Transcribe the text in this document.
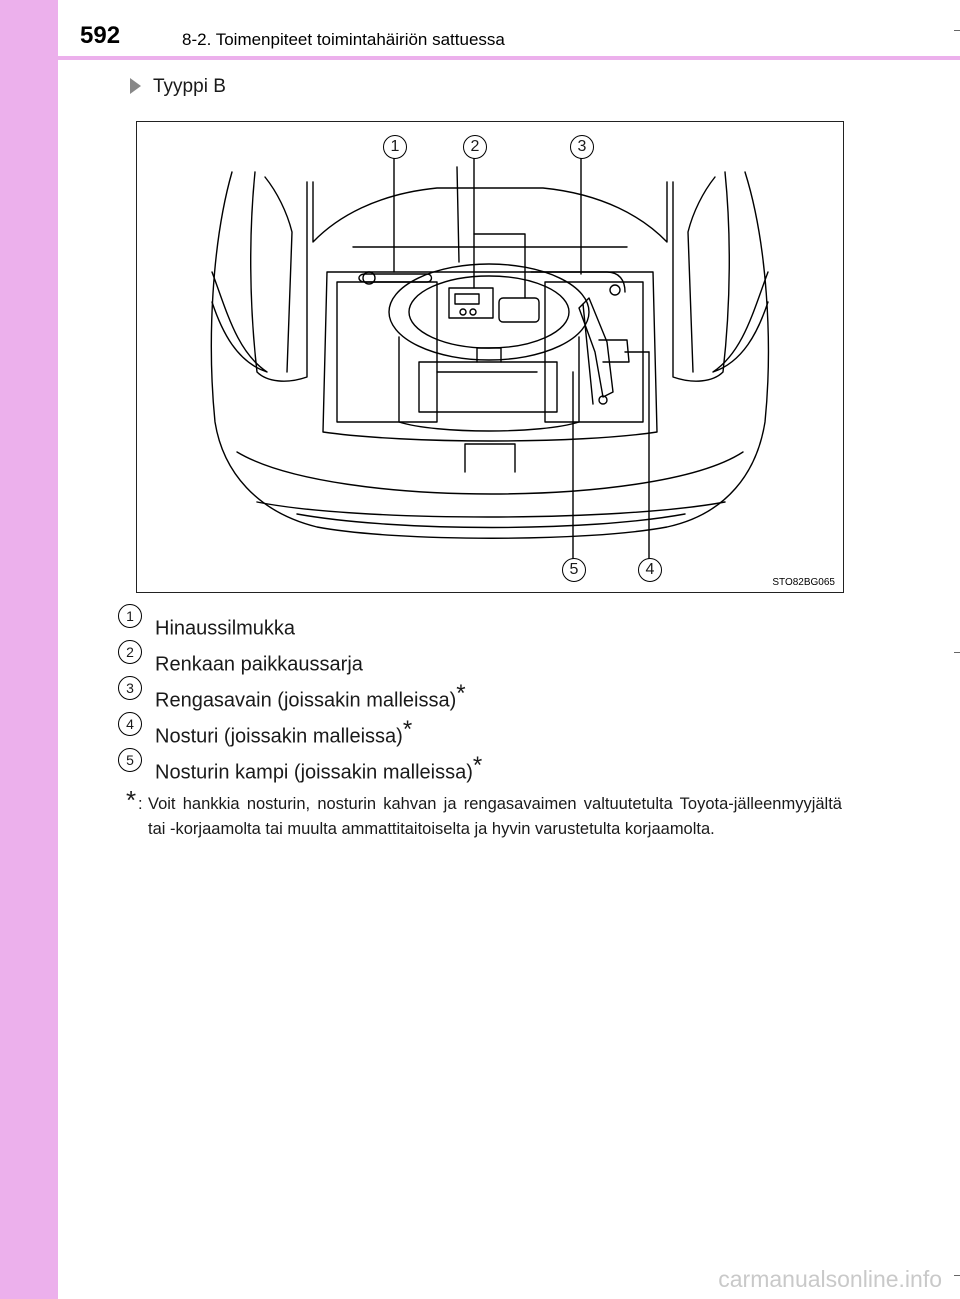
592	8-2. Toimenpiteet toimintahäiriön sattuessa
Tyyppi B
1	2	3
4
5
STO82BG065
1
Hinaussilmukka
2
Renkaan paikkaussarja
3
Rengasavain (joissakin malleissa)*
4
Nosturi (joissakin malleissa)*
5
Nosturin kampi (joissakin malleissa)*
* : Voit hankkia nosturin, nosturin kahvan ja rengasavaimen valtuutetulta Toyota-jälleenmyyjältä tai -korjaamolta tai muulta ammattitaitoiselta ja hyvin varustetulta korjaamolta.
carmanualsonline.info
